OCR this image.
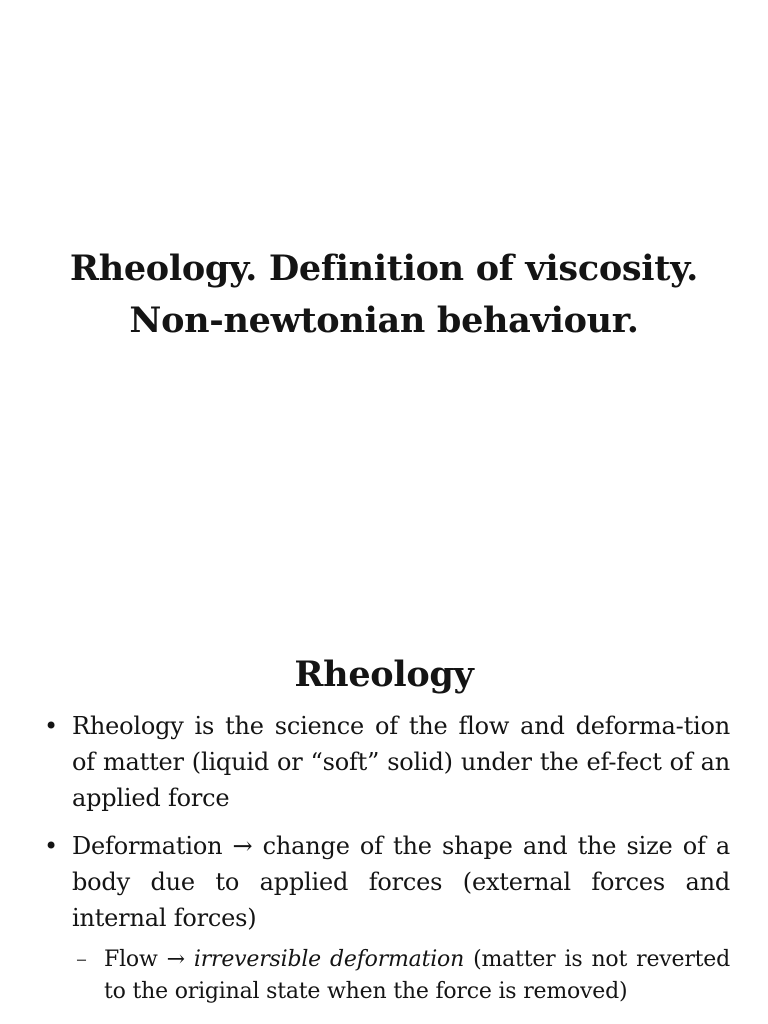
Rheology. Definition of viscosity.
Non-newtonian behaviour.
Rheology
• Rheology is the science of the flow and deforma-tion of matter (liquid or “soft” solid) under the ef-fect of an applied force
• Deformation → change of the shape and the size of a body due to applied forces (external forces and internal forces)
– Flow → irreversible deformation (matter is not reverted to the original state when the force is removed)
